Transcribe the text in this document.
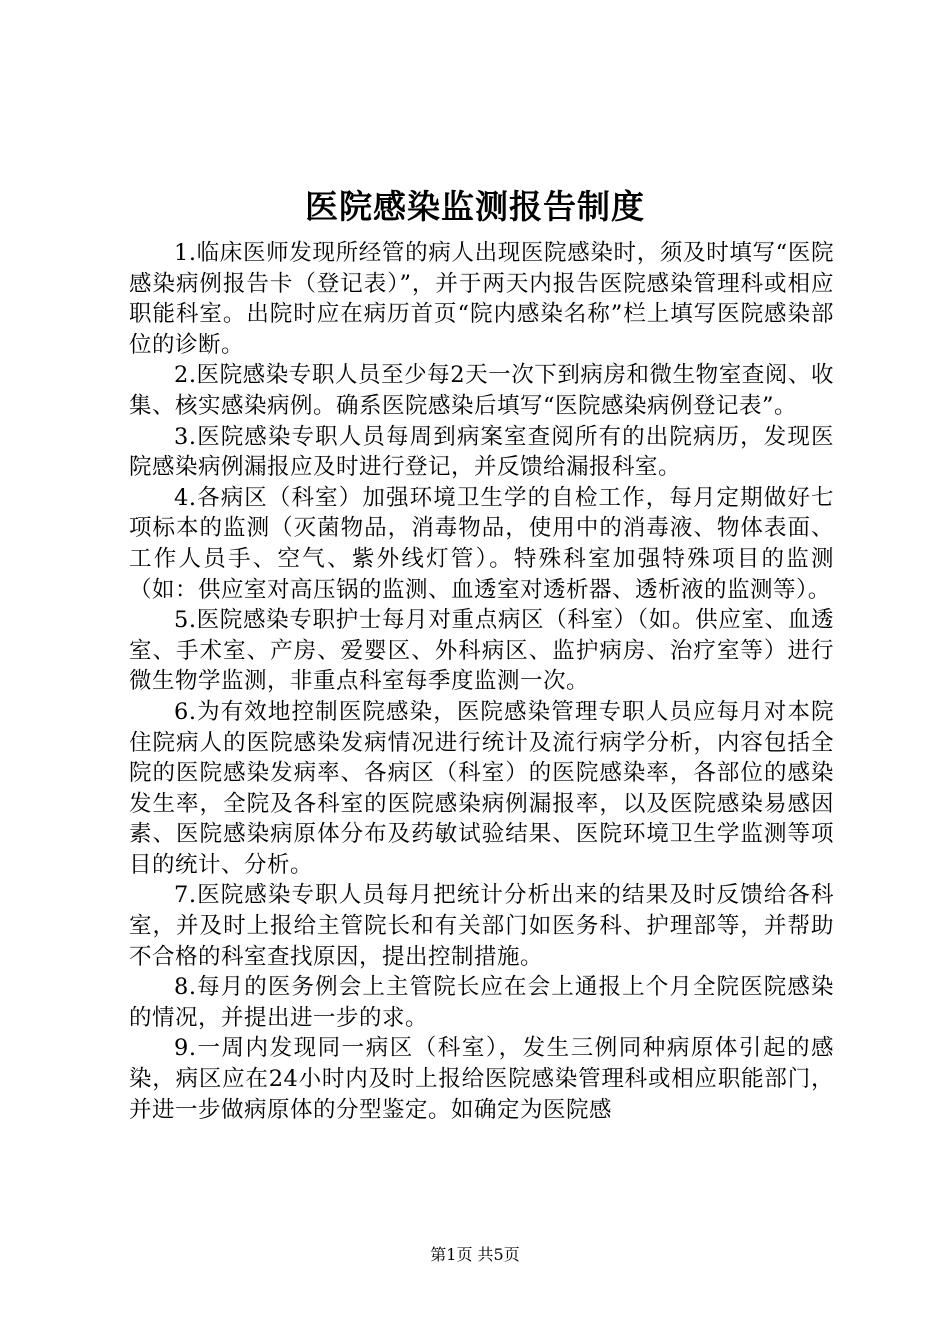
医院感染监测报告制度

1.临床医师发现所经管的病人出现医院感染时，须及时填写“医院感染病例报告卡（登记表）”，并于两天内报告医院感染管理科或相应职能科室。出院时应在病历首页“院内感染名称”栏上填写医院感染部位的诊断。

2.医院感染专职人员至少每2天一次下到病房和微生物室查阅、收集、核实感染病例。确系医院感染后填写“医院感染病例登记表”。

3.医院感染专职人员每周到病案室查阅所有的出院病历，发现医院感染病例漏报应及时进行登记，并反馈给漏报科室。

4.各病区（科室）加强环境卫生学的自检工作，每月定期做好七项标本的监测（灭菌物品，消毒物品，使用中的消毒液、物体表面、工作人员手、空气、紫外线灯管）。特殊科室加强特殊项目的监测（如：供应室对高压锅的监测、血透室对透析器、透析液的监测等）。

5.医院感染专职护士每月对重点病区（科室）（如。供应室、血透室、手术室、产房、爱婴区、外科病区、监护病房、治疗室等）进行微生物学监测，非重点科室每季度监测一次。

6.为有效地控制医院感染，医院感染管理专职人员应每月对本院住院病人的医院感染发病情况进行统计及流行病学分析，内容包括全院的医院感染发病率、各病区（科室）的医院感染率，各部位的感染发生率，全院及各科室的医院感染病例漏报率，以及医院感染易感因素、医院感染病原体分布及药敏试验结果、医院环境卫生学监测等项目的统计、分析。

7.医院感染专职人员每月把统计分析出来的结果及时反馈给各科室，并及时上报给主管院长和有关部门如医务科、护理部等，并帮助不合格的科室查找原因，提出控制措施。

8.每月的医务例会上主管院长应在会上通报上个月全院医院感染的情况，并提出进一步的求。

9.一周内发现同一病区（科室），发生三例同种病原体引起的感染，病区应在24小时内及时上报给医院感染管理科或相应职能部门，并进一步做病原体的分型鉴定。如确定为医院感

第1页 共5页
